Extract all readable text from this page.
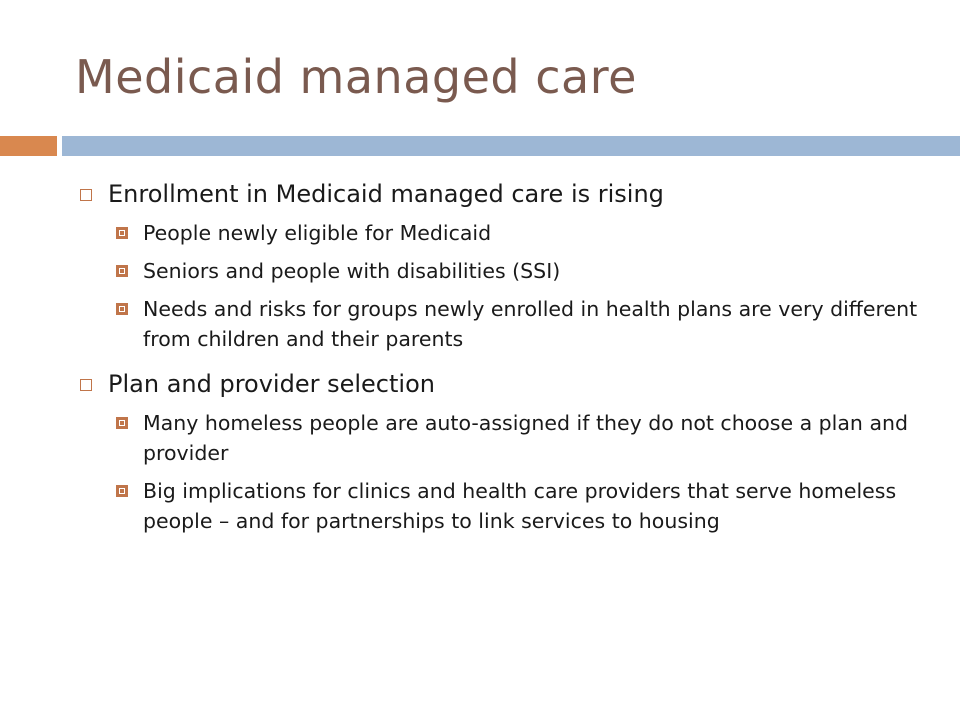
Medicaid managed care
Enrollment in Medicaid managed care is rising
People newly eligible for Medicaid
Seniors and people with disabilities (SSI)
Needs and risks for groups newly enrolled in health plans are very different from children and their parents
Plan and provider selection
Many homeless people are auto-assigned if they do not choose a plan and provider
Big implications for clinics and health care providers that serve homeless people – and for partnerships to link services to housing
